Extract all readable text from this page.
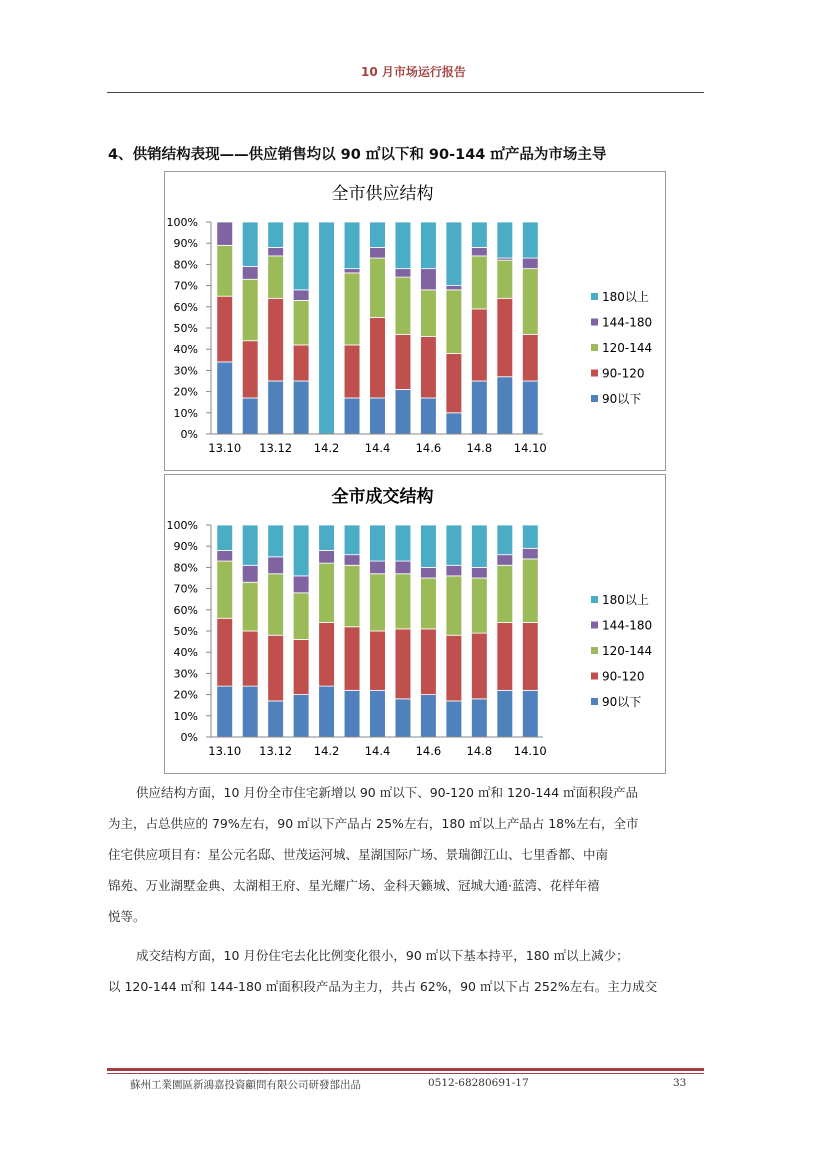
10 月市场运行报告
4、供销结构表现——供应销售均以 90 ㎡以下和 90-144 ㎡产品为市场主导
全市供应结构
0%
10%
20%
30%
40%
50%
60%
70%
80%
90%
100%
13.10 13.12 14.2 14.4 14.6 14.8 14.10
180以上
144-180
120-144
90-120
90以下
全市成交结构
0%
10%
20%
30%
40%
50%
60%
70%
80%
90%
100%
13.10 13.12 14.2 14.4 14.6 14.8 14.10
180以上
144-180
120-144
90-120
90以下
供应结构方面，10 月份全市住宅新增以 90 ㎡以下、90-120 ㎡和 120-144 ㎡面积段产品
为主，占总供应的 79%左右，90 ㎡以下产品占 25%左右，180 ㎡以上产品占 18%左右，全市
住宅供应项目有：星公元名邸、世茂运河城、星湖国际广场、景瑞御江山、七里香都、中南
锦苑、万业湖墅金典、太湖相王府、星光耀广场、金科天籁城、冠城大通·蓝湾、花样年禧
悦等。
成交结构方面，10 月份住宅去化比例变化很小，90 ㎡以下基本持平，180 ㎡以上减少；
以 120-144 ㎡和 144-180 ㎡面积段产品为主力，共占 62%，90 ㎡以下占 252%左右。主力成交
蘇州工業園區新鴻嘉投資顧問有限公司研發部出品	0512-68280691-17	33
